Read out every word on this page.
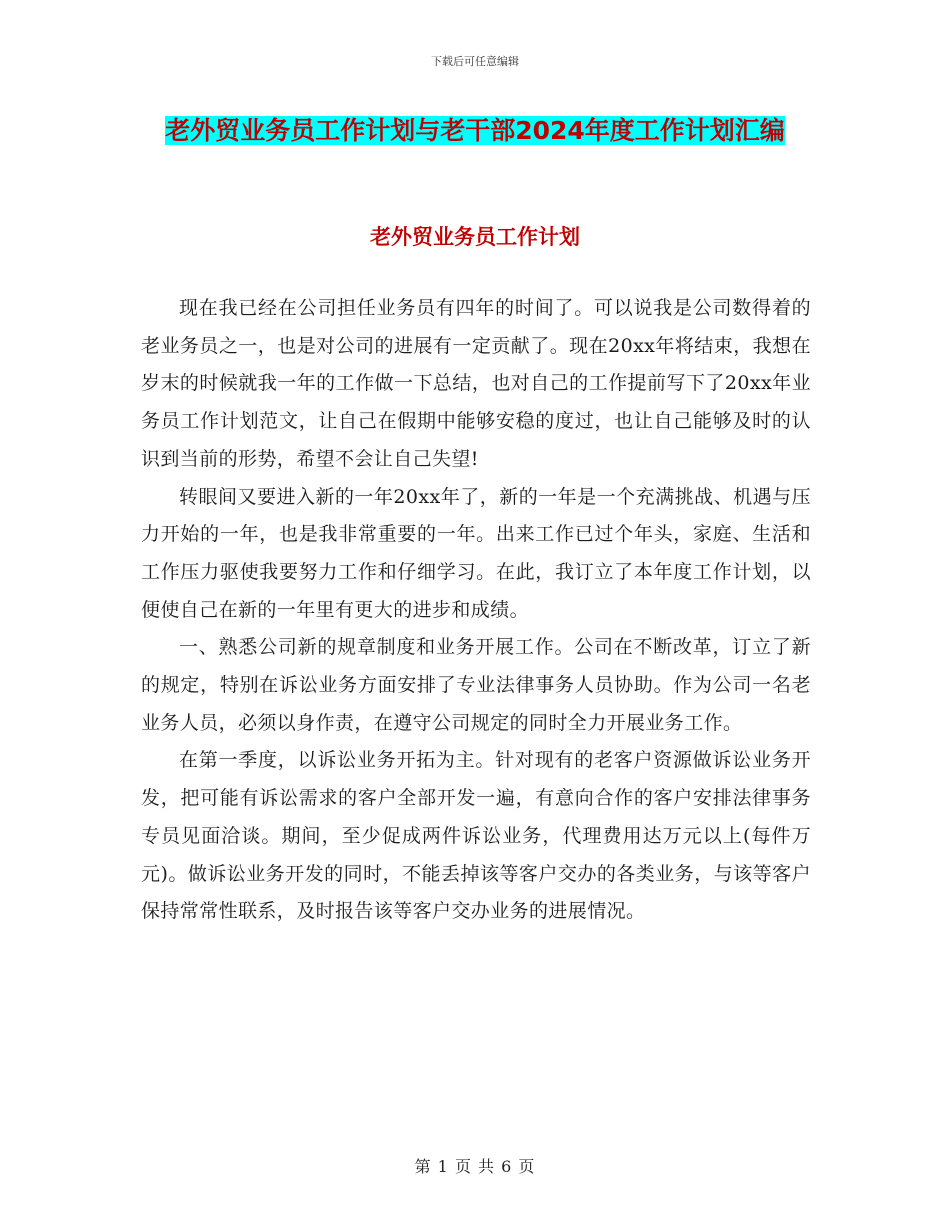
下载后可任意编辑
老外贸业务员工作计划与老干部2024年度工作计划汇编
老外贸业务员工作计划

现在我已经在公司担任业务员有四年的时间了。可以说我是公司数得着的老业务员之一，也是对公司的进展有一定贡献了。现在20xx年将结束，我想在岁末的时候就我一年的工作做一下总结，也对自己的工作提前写下了20xx年业务员工作计划范文，让自己在假期中能够安稳的度过，也让自己能够及时的认识到当前的形势，希望不会让自己失望!

转眼间又要进入新的一年20xx年了，新的一年是一个充满挑战、机遇与压力开始的一年，也是我非常重要的一年。出来工作已过个年头，家庭、生活和工作压力驱使我要努力工作和仔细学习。在此，我订立了本年度工作计划，以便使自己在新的一年里有更大的进步和成绩。

一、熟悉公司新的规章制度和业务开展工作。公司在不断改革，订立了新的规定，特别在诉讼业务方面安排了专业法律事务人员协助。作为公司一名老业务人员，必须以身作责，在遵守公司规定的同时全力开展业务工作。

在第一季度，以诉讼业务开拓为主。针对现有的老客户资源做诉讼业务开发，把可能有诉讼需求的客户全部开发一遍，有意向合作的客户安排法律事务专员见面洽谈。期间，至少促成两件诉讼业务，代理费用达万元以上(每件万元)。做诉讼业务开发的同时，不能丢掉该等客户交办的各类业务，与该等客户保持常常性联系，及时报告该等客户交办业务的进展情况。

第 1 页 共 6 页
